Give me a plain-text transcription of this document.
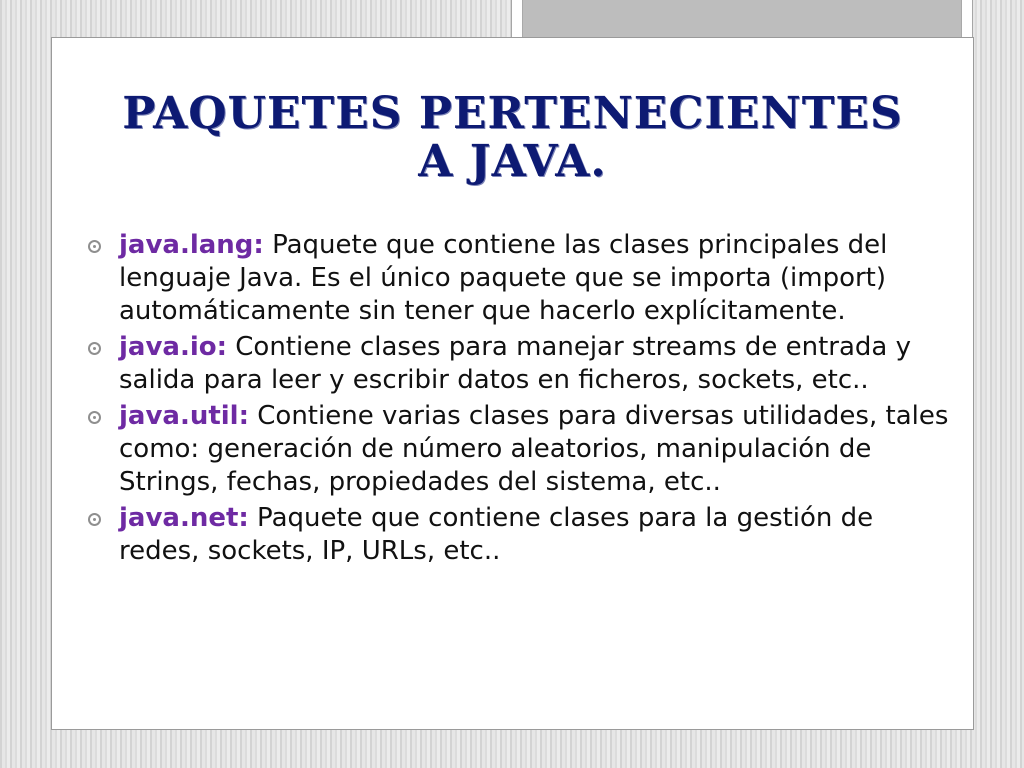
PAQUETES PERTENECIENTES
A JAVA.
java.lang: Paquete que contiene las clases principales del lenguaje Java. Es el único paquete que se importa (import) automáticamente sin tener que hacerlo explícitamente.
java.io: Contiene clases para manejar streams de entrada y salida para leer y escribir datos en ficheros, sockets, etc..
java.util: Contiene varias clases para diversas utilidades, tales como: generación de número aleatorios, manipulación de Strings, fechas, propiedades del sistema, etc..
java.net: Paquete que contiene clases para la gestión de redes, sockets, IP, URLs, etc..
